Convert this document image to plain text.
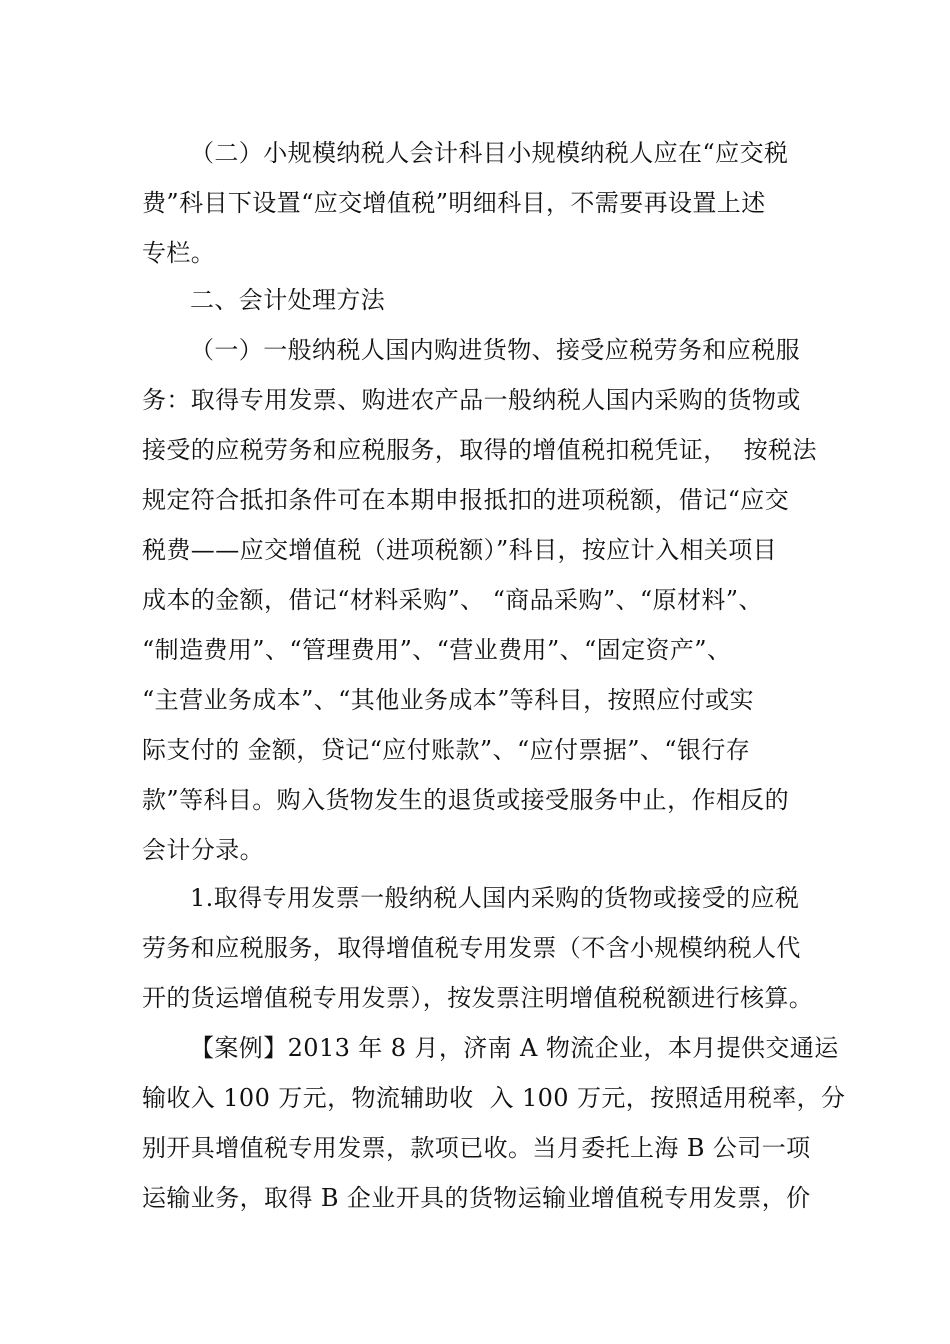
（二）小规模纳税人会计科目小规模纳税人应在“应交税
费”科目下设置“应交增值税”明细科目，不需要再设置上述
专栏。

二、会计处理方法

（一）一般纳税人国内购进货物、接受应税劳务和应税服
务：取得专用发票、购进农产品一般纳税人国内采购的货物或
接受的应税劳务和应税服务，取得的增值税扣税凭证，  按税法
规定符合抵扣条件可在本期申报抵扣的进项税额，借记“应交
税费——应交增值税（进项税额）”科目，按应计入相关项目
成本的金额，借记“材料采购”、 “商品采购”、“原材料”、
“制造费用”、“管理费用”、“营业费用”、“固定资产”、
“主营业务成本”、“其他业务成本”等科目，按照应付或实
际支付的 金额，贷记“应付账款”、“应付票据”、“银行存
款”等科目。购入货物发生的退货或接受服务中止，作相反的
会计分录。

1.取得专用发票一般纳税人国内采购的货物或接受的应税
劳务和应税服务，取得增值税专用发票（不含小规模纳税人代
开的货运增值税专用发票），按发票注明增值税税额进行核算。

【案例】2013 年 8 月，济南 A 物流企业，本月提供交通运
输收入 100 万元，物流辅助收  入 100 万元，按照适用税率，分
别开具增值税专用发票，款项已收。当月委托上海 B 公司一项
运输业务，取得 B 企业开具的货物运输业增值税专用发票，价
